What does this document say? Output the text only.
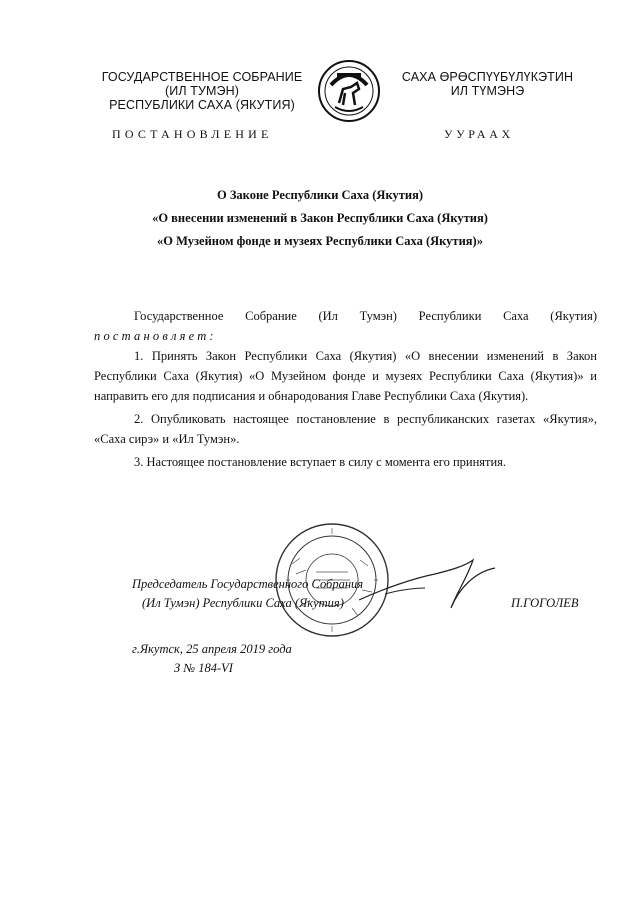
ГОСУДАРСТВЕННОЕ СОБРАНИЕ
(ИЛ ТУМЭН)
РЕСПУБЛИКИ САХА (ЯКУТИЯ)
САХА ӨРӨСПҮҮБҮЛҮКЭТИН
ИЛ ТҮМЭНЭ
ПОСТАНОВЛЕНИЕ	УУРААХ
О Законе Республики Саха (Якутия)
«О внесении изменений в Закон Республики Саха (Якутия)
«О Музейном фонде и музеях Республики Саха (Якутия)»

Государственное Собрание (Ил Тумэн) Республики Саха (Якутия)

постановляет:

1. Принять Закон Республики Саха (Якутия) «О внесении изменений в Закон Республики Саха (Якутия) «О Музейном фонде и музеях Республики Саха (Якутия)» и направить его для подписания и обнародования Главе Республики Саха (Якутия).

2. Опубликовать настоящее постановление в республиканских газетах «Якутия», «Саха сирэ» и «Ил Тумэн».

3. Настоящее постановление вступает в силу с момента его принятия.

Председатель Государственного Собрания
(Ил Тумэн) Республики Саха (Якутия)	П.ГОГОЛЕВ
г.Якутск, 25 апреля 2019 года
З № 184-VI
